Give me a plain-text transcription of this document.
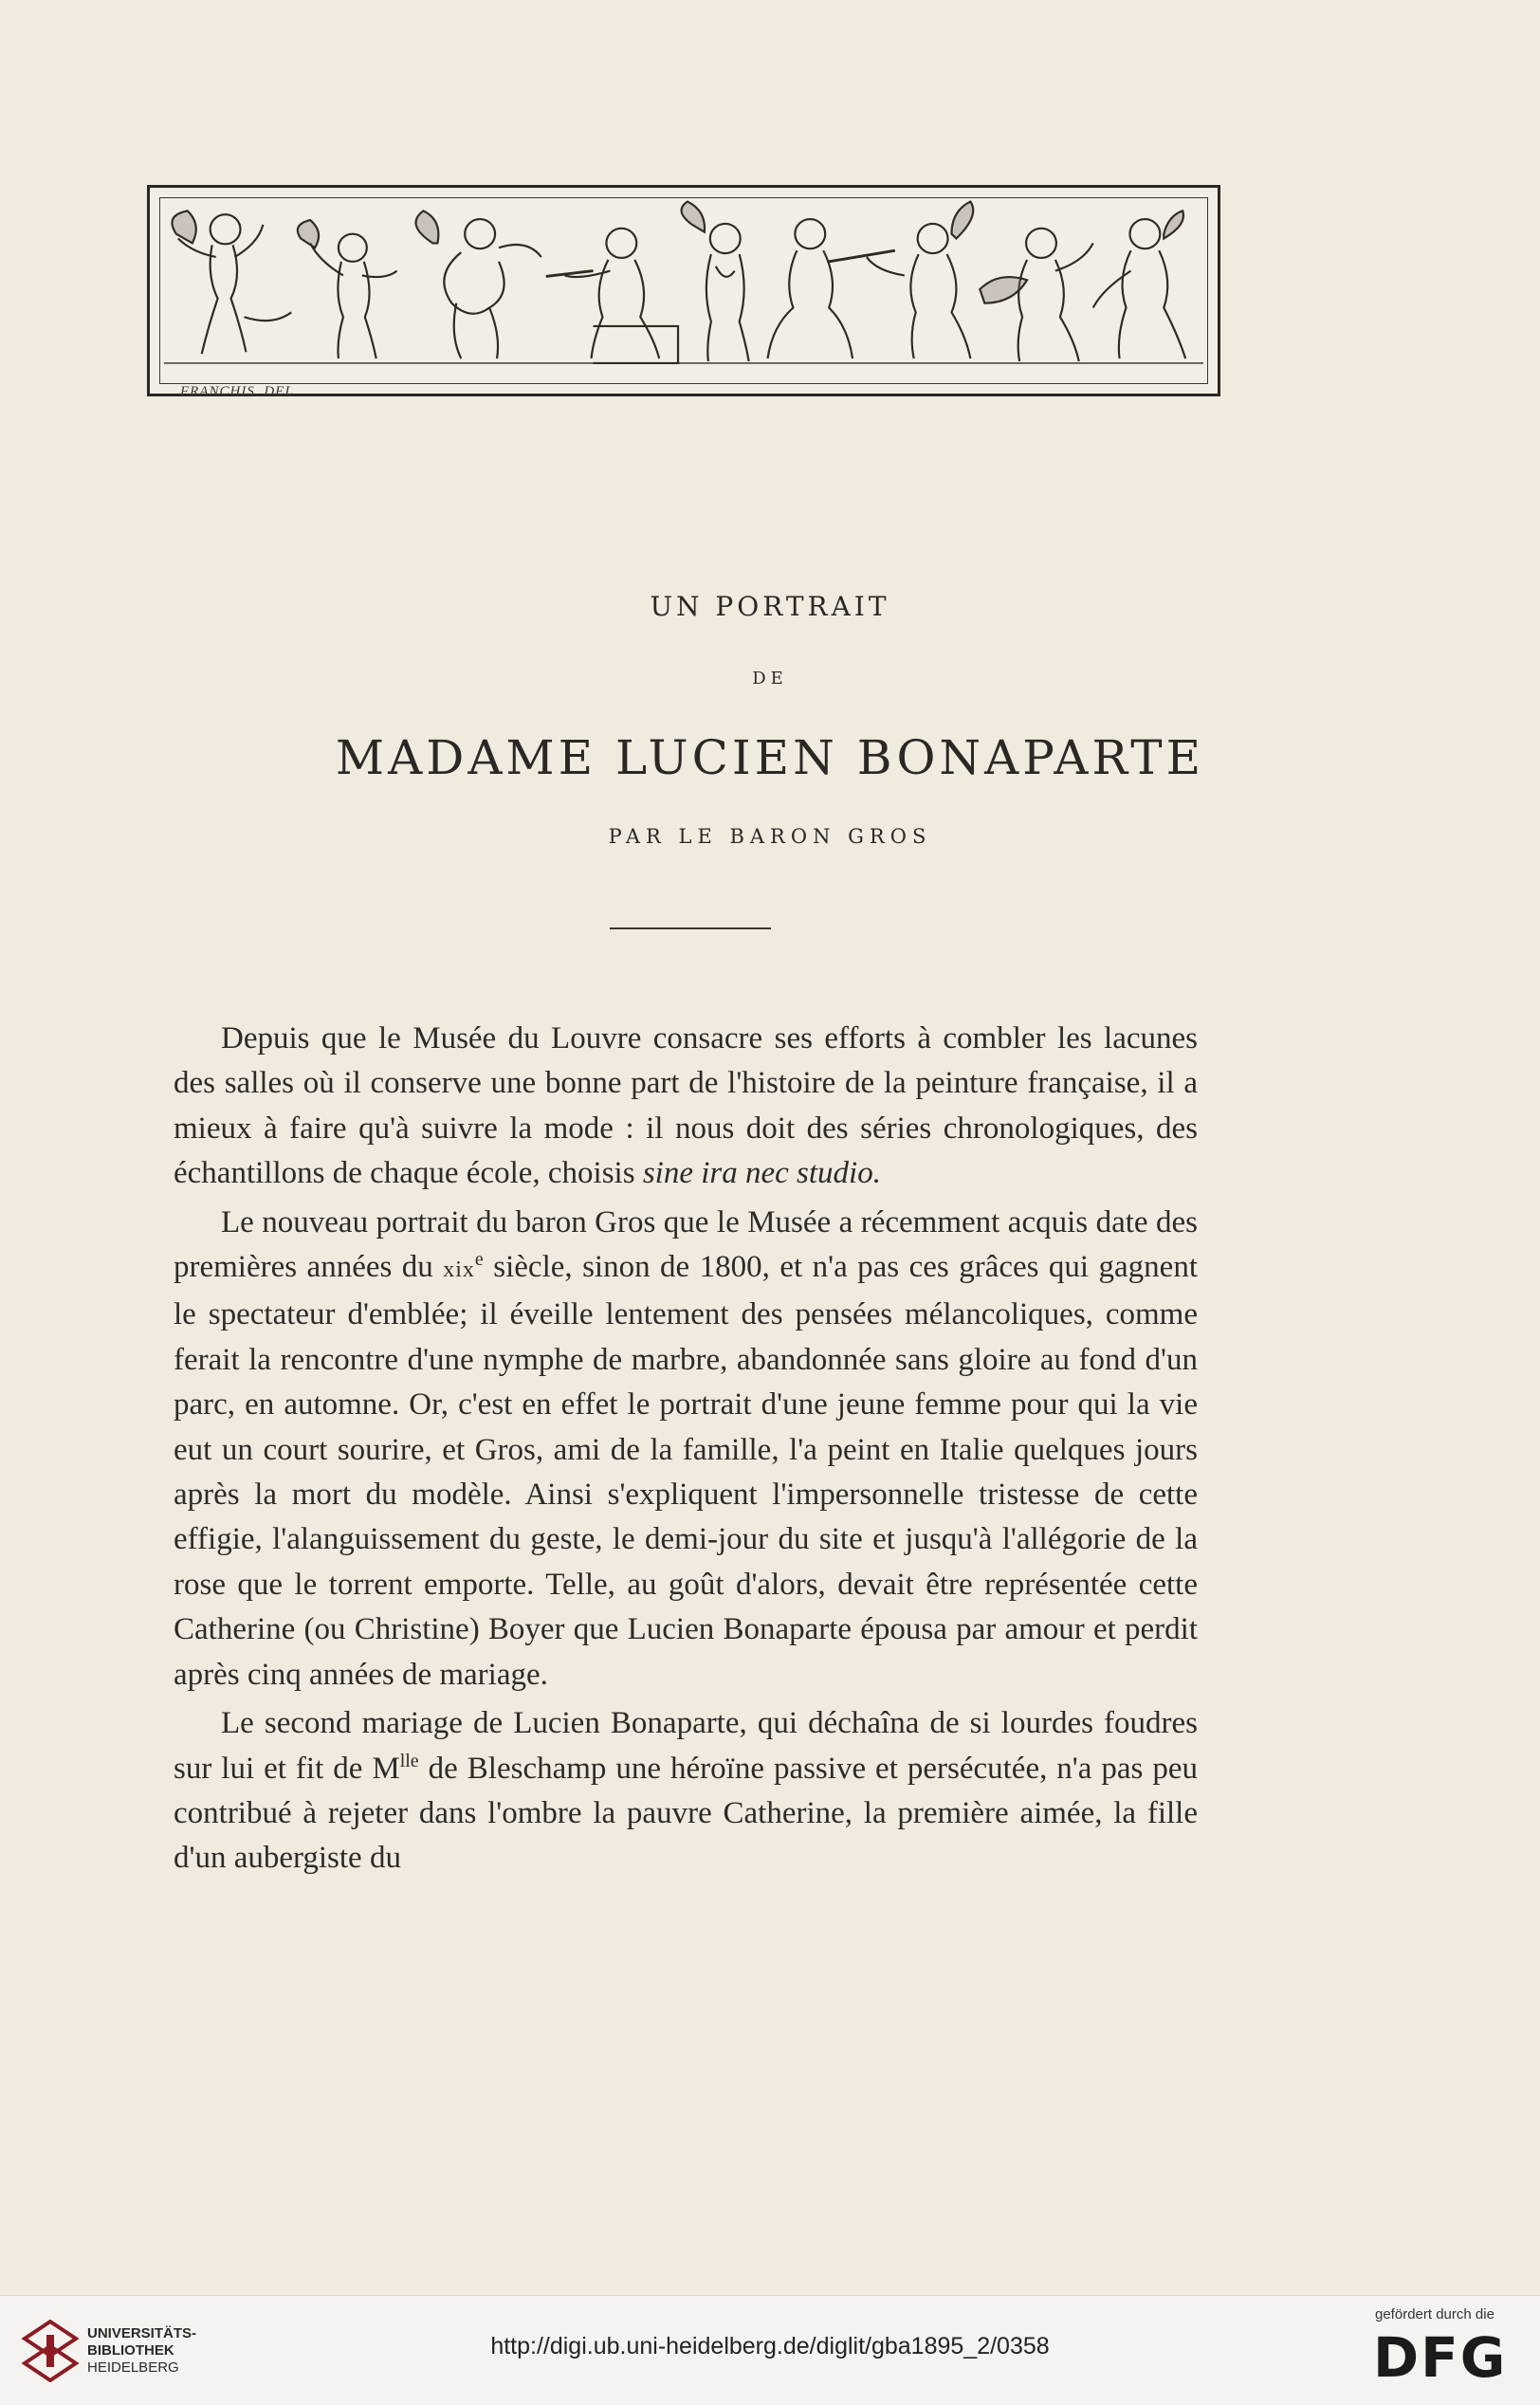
FRANCHIS. DEL
UN PORTRAIT
DE
MADAME LUCIEN BONAPARTE
PAR LE BARON GROS

Depuis que le Musée du Louvre consacre ses efforts à combler les lacunes des salles où il conserve une bonne part de l'histoire de la peinture française, il a mieux à faire qu'à suivre la mode : il nous doit des séries chronologiques, des échantillons de chaque école, choisis sine ira nec studio.

Le nouveau portrait du baron Gros que le Musée a récemment acquis date des premières années du xix$^e$ siècle, sinon de 1800, et n'a pas ces grâces qui gagnent le spectateur d'emblée; il éveille lentement des pensées mélancoliques, comme ferait la rencontre d'une nymphe de marbre, abandonnée sans gloire au fond d'un parc, en automne. Or, c'est en effet le portrait d'une jeune femme pour qui la vie eut un court sourire, et Gros, ami de la famille, l'a peint en Italie quelques jours après la mort du modèle. Ainsi s'expliquent l'impersonnelle tristesse de cette effigie, l'alanguissement du geste, le demi-jour du site et jusqu'à l'allégorie de la rose que le torrent emporte. Telle, au goût d'alors, devait être représentée cette Catherine (ou Christine) Boyer que Lucien Bonaparte épousa par amour et perdit après cinq années de mariage.

Le second mariage de Lucien Bonaparte, qui déchaîna de si lourdes foudres sur lui et fit de $M^{lle}$ de Bleschamp une héroïne passive et persécutée, n'a pas peu contribué à rejeter dans l'ombre la pauvre Catherine, la première aimée, la fille d'un aubergiste du

UNIVERSITÄTS-
BIBLIOTHEK
HEIDELBERG
http://digi.ub.uni-heidelberg.de/diglit/gba1895_2/0358
gefördert durch die
DFG
